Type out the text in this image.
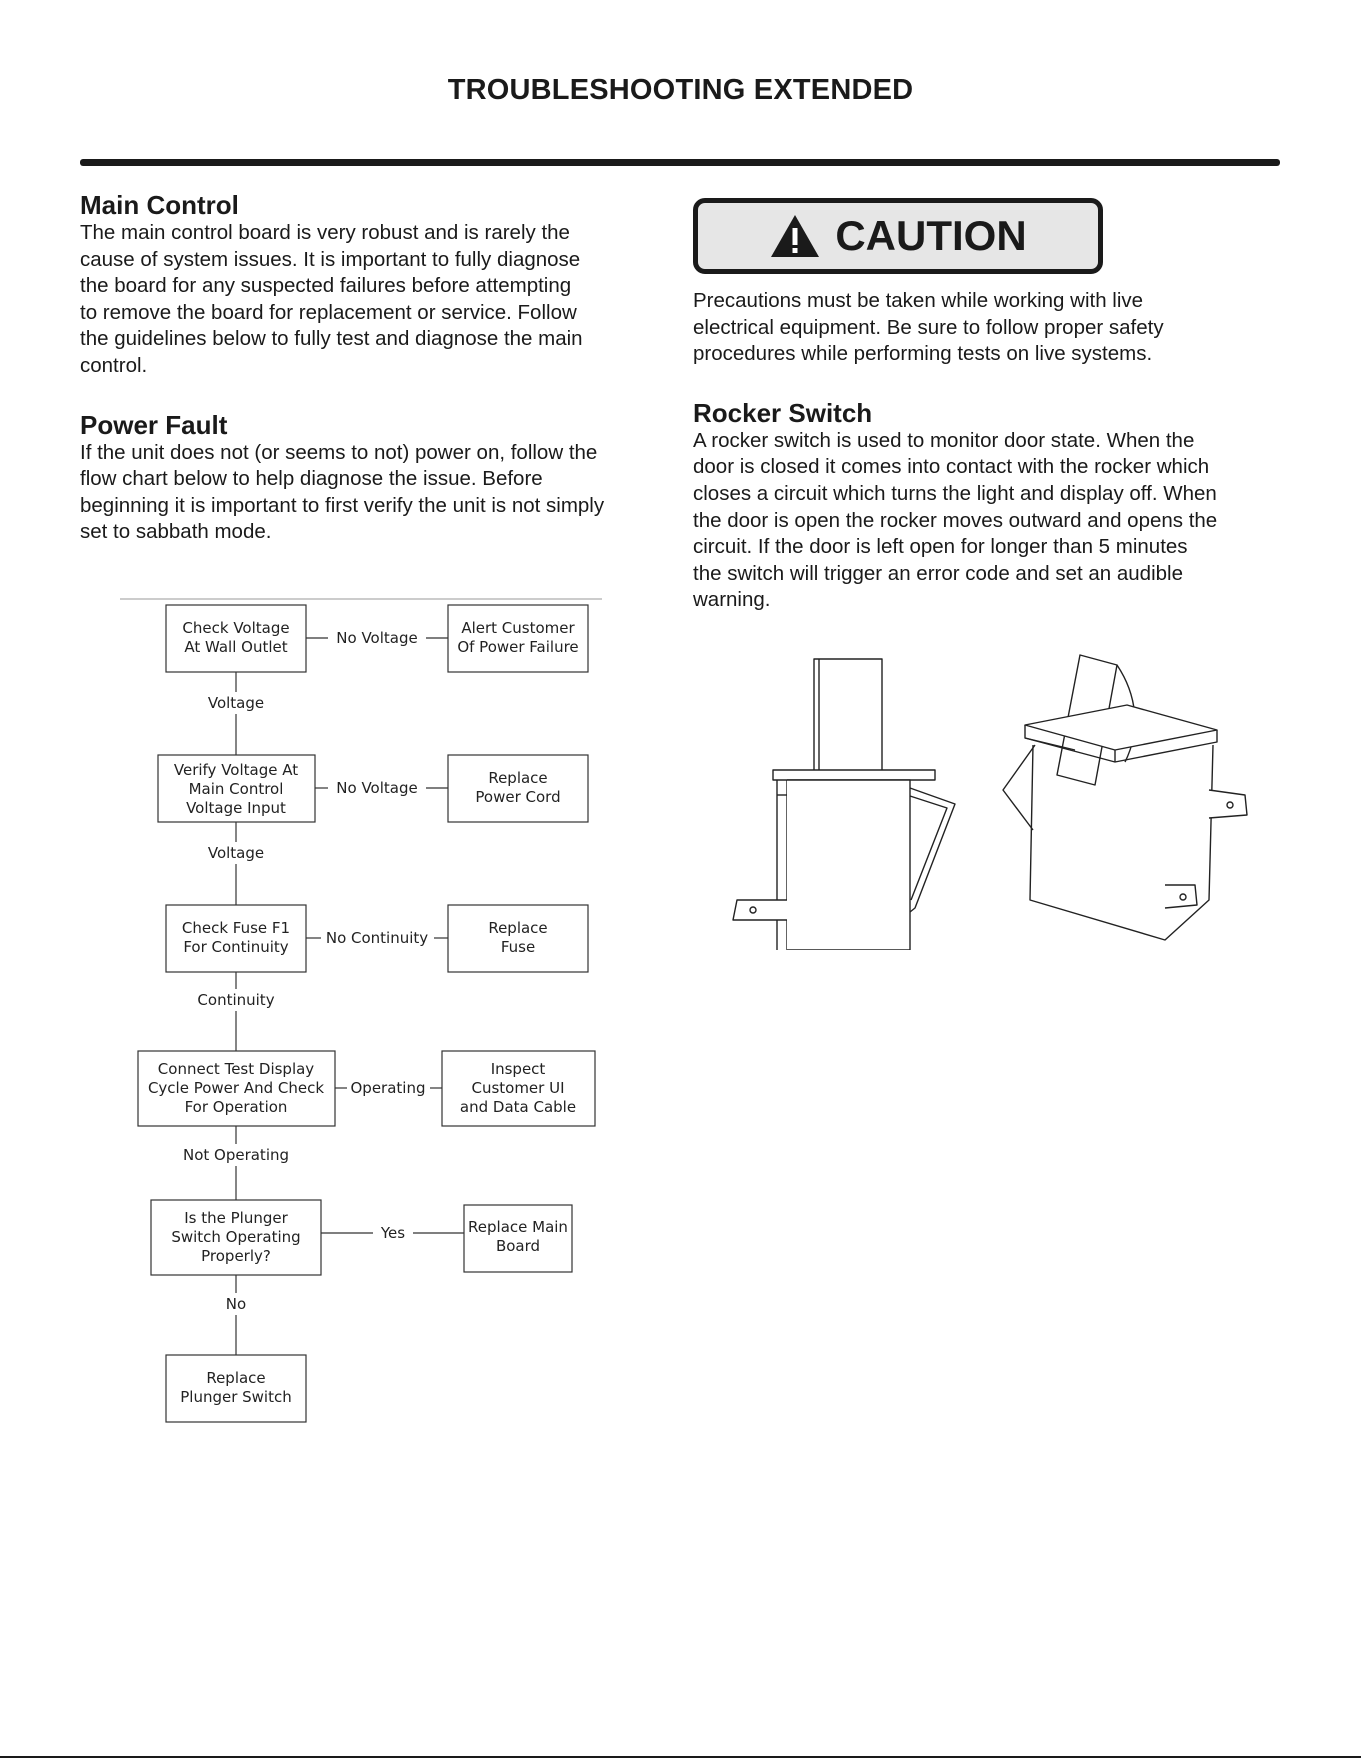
TROUBLESHOOTING EXTENDED
Main Control

The main control board is very robust and is rarely the
cause of system issues. It is important to fully diagnose
the board for any suspected failures before attempting
to remove the board for replacement or service. Follow
the guidelines below to fully test and diagnose the main
control.

Power Fault

If the unit does not (or seems to not) power on, follow the
flow chart below to help diagnose the issue. Before
beginning it is important to first verify the unit is not simply
set to sabbath mode.

CAUTION

Precautions must be taken while working with live
electrical equipment. Be sure to follow proper safety
procedures while performing tests on live systems.

Rocker Switch

A rocker switch is used to monitor door state. When the
door is closed it comes into contact with the rocker which
closes a circuit which turns the light and display off. When
the door is open the rocker moves outward and opens the
circuit. If the door is left open for longer than 5 minutes
the switch will trigger an error code and set an audible
warning.

Check Voltage
At Wall Outlet	No Voltage
Alert Customer
Of Power Failure
Voltage
Verify Voltage At
Main Control
Voltage Input
No Voltage
Replace
Power Cord
Voltage
Check Fuse F1
For Continuity No Continuity
Replace
Fuse
Continuity
Connect Test Display
Cycle Power And Check
For Operation
Operating
Inspect
Customer UI
and Data Cable
Not Operating
Is the Plunger
Switch Operating
Properly?
Yes	Replace Main
Board
No
Replace
Plunger Switch
